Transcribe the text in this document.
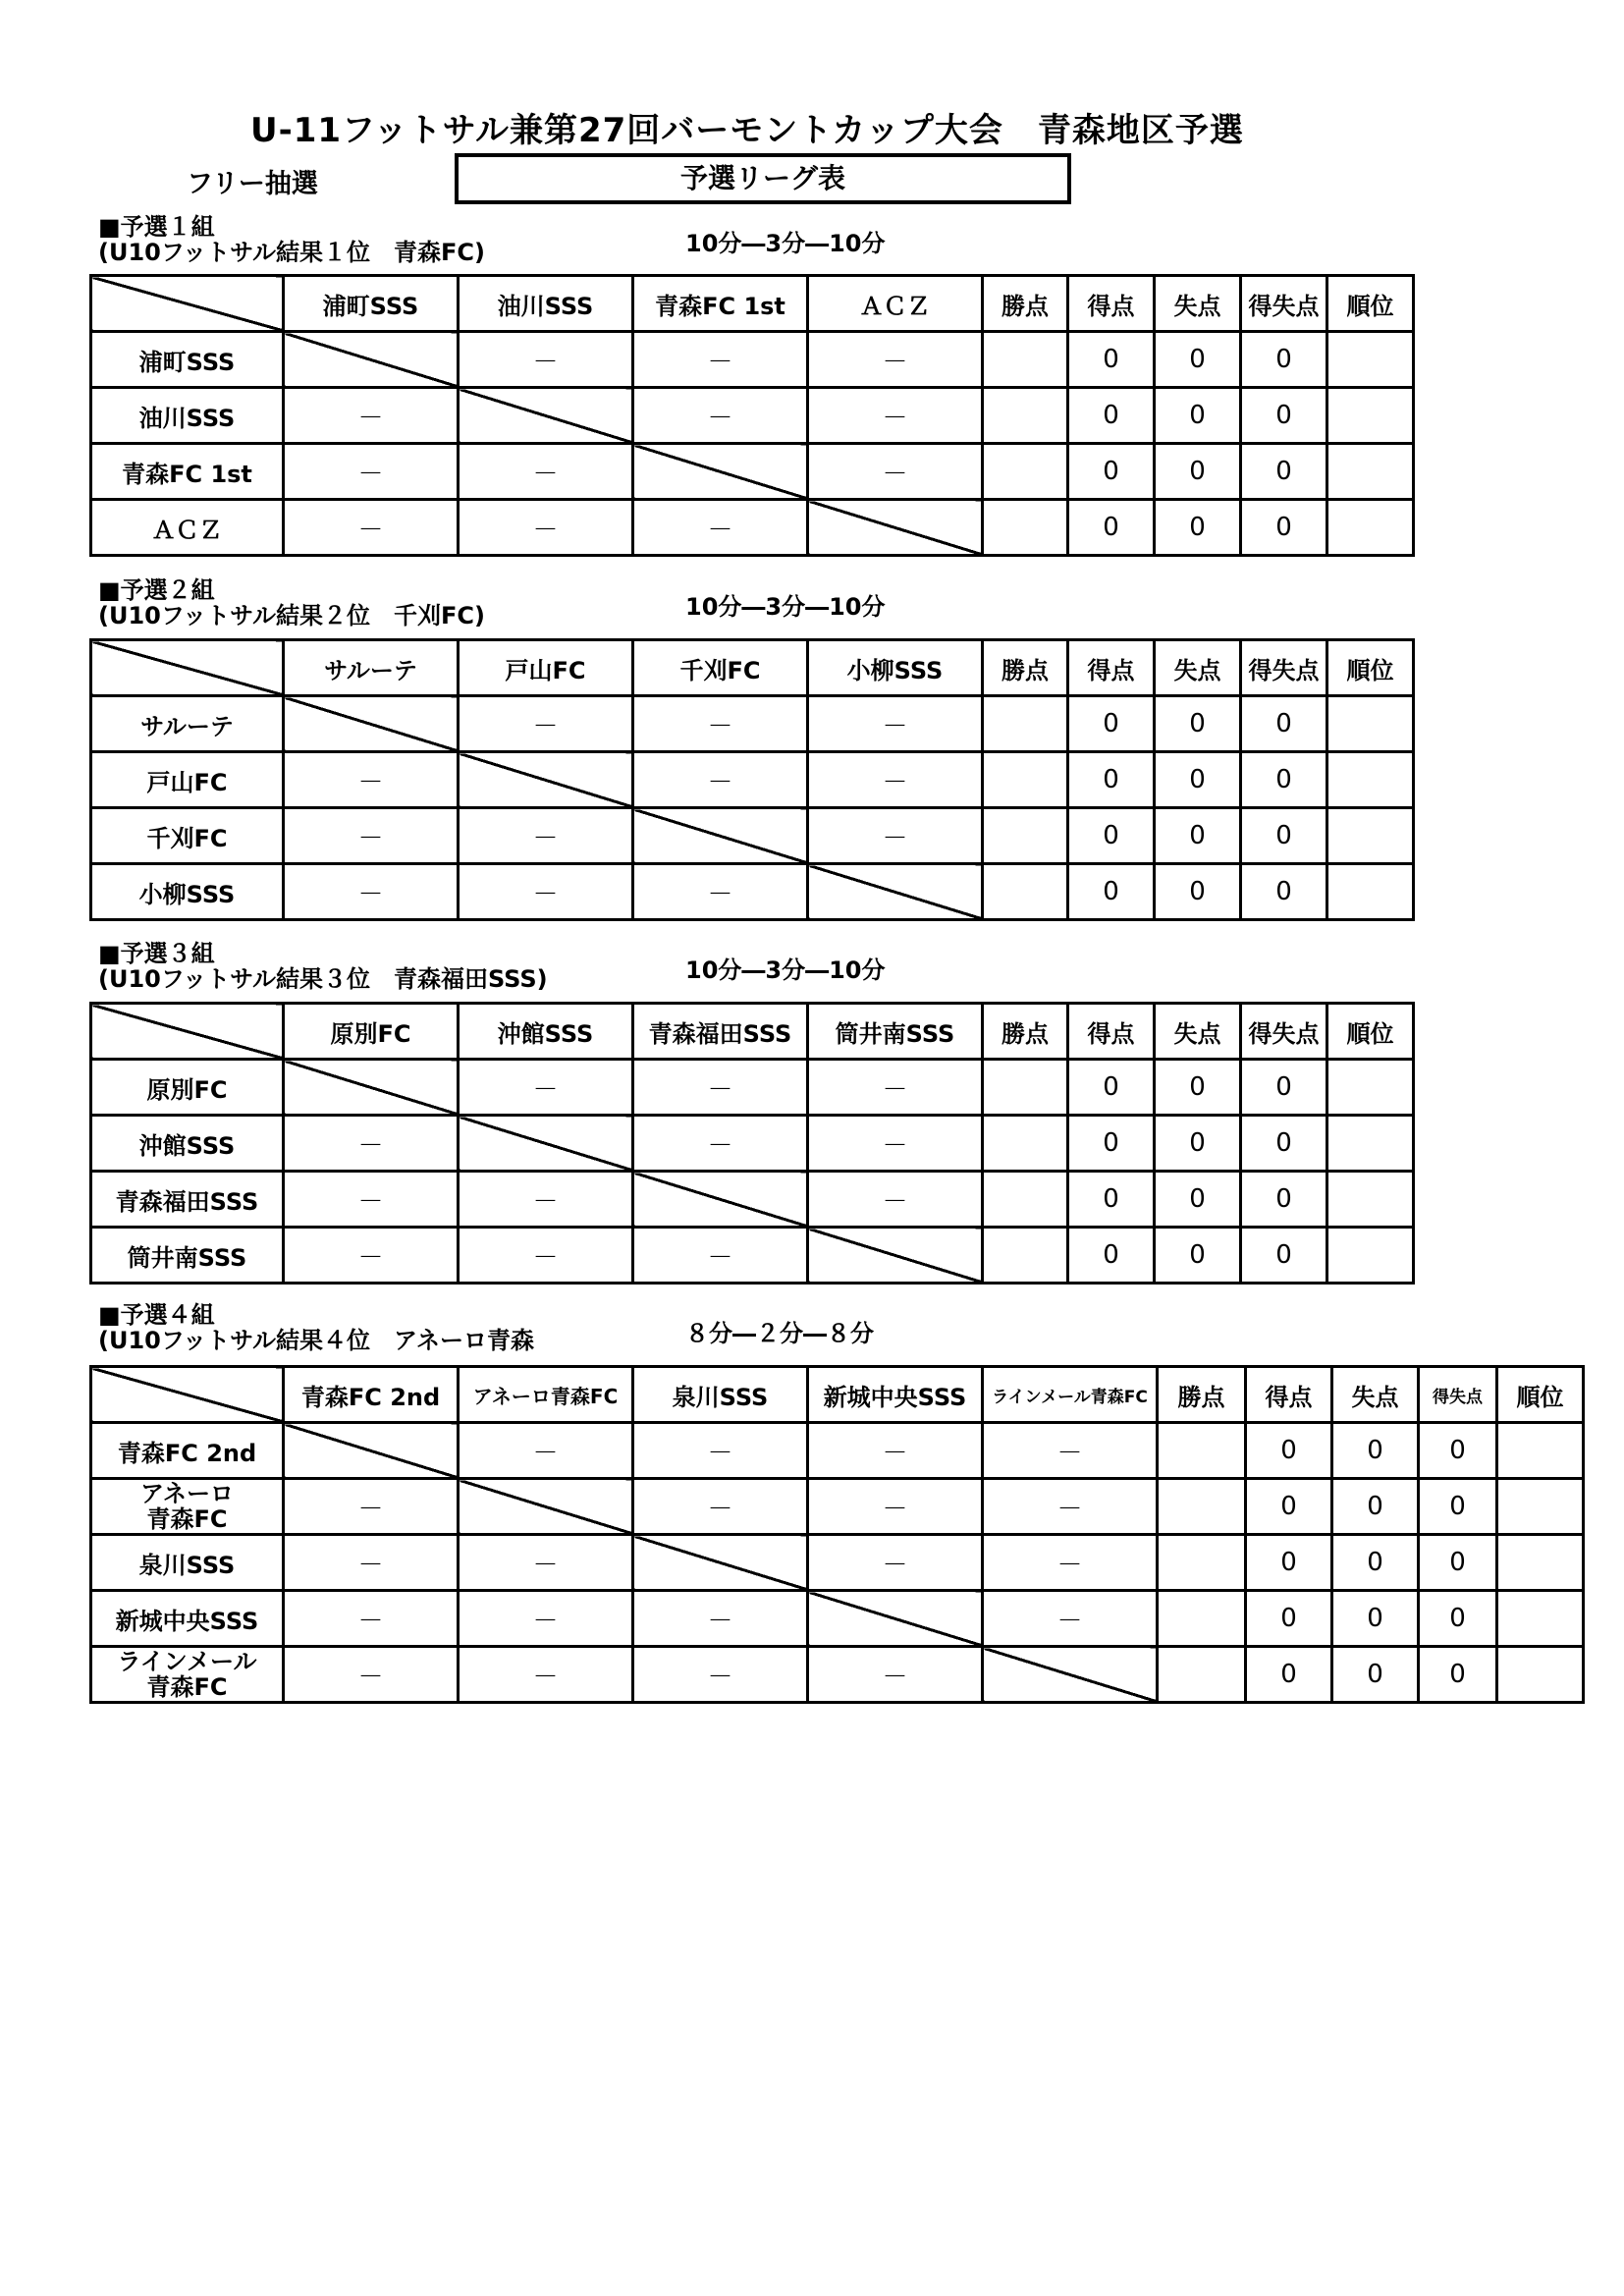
U-11フットサル兼第27回バーモントカップ大会　青森地区予選
フリー抽選	予選リーグ表
■予選１組
(U10フットサル結果１位　青森FC)	10分―3分―10分
	浦町SSS	油川SSS	青森FC 1st	ＡＣＺ	勝点	得点	失点	得失点	順位
浦町SSS		－	－	－		0	0	0	
油川SSS	－		－	－		0	0	0	
青森FC 1st	－	－		－		0	0	0	
ＡＣＺ	－	－	－			0	0	0	
■予選２組
(U10フットサル結果２位　千刈FC)	10分―3分―10分
	サルーテ	戸山FC	千刈FC	小柳SSS	勝点	得点	失点	得失点	順位
サルーテ		－	－	－		0	0	0	
戸山FC	－		－	－		0	0	0	
千刈FC	－	－		－		0	0	0	
小柳SSS	－	－	－			0	0	0	
■予選３組
(U10フットサル結果３位　青森福田SSS)	10分―3分―10分
	原別FC	沖館SSS	青森福田SSS	筒井南SSS	勝点	得点	失点	得失点	順位
原別FC		－	－	－		0	0	0	
沖館SSS	－		－	－		0	0	0	
青森福田SSS	－	－		－		0	0	0	
筒井南SSS	－	－	－			0	0	0	
■予選４組
(U10フットサル結果４位　アネーロ青森	８分―２分―８分
	青森FC 2nd	アネーロ青森FC	泉川SSS	新城中央SSS	ラインメール青森FC	勝点	得点	失点	得失点	順位
青森FC 2nd		－	－	－	－		0	0	0	

アネーロ
青森FC	－		－	－	－		0	0	0	
泉川SSS	－	－		－	－		0	0	0	
新城中央SSS	－	－	－		－		0	0	0	

ラインメール
青森FC	－	－	－	－			0	0	0	
